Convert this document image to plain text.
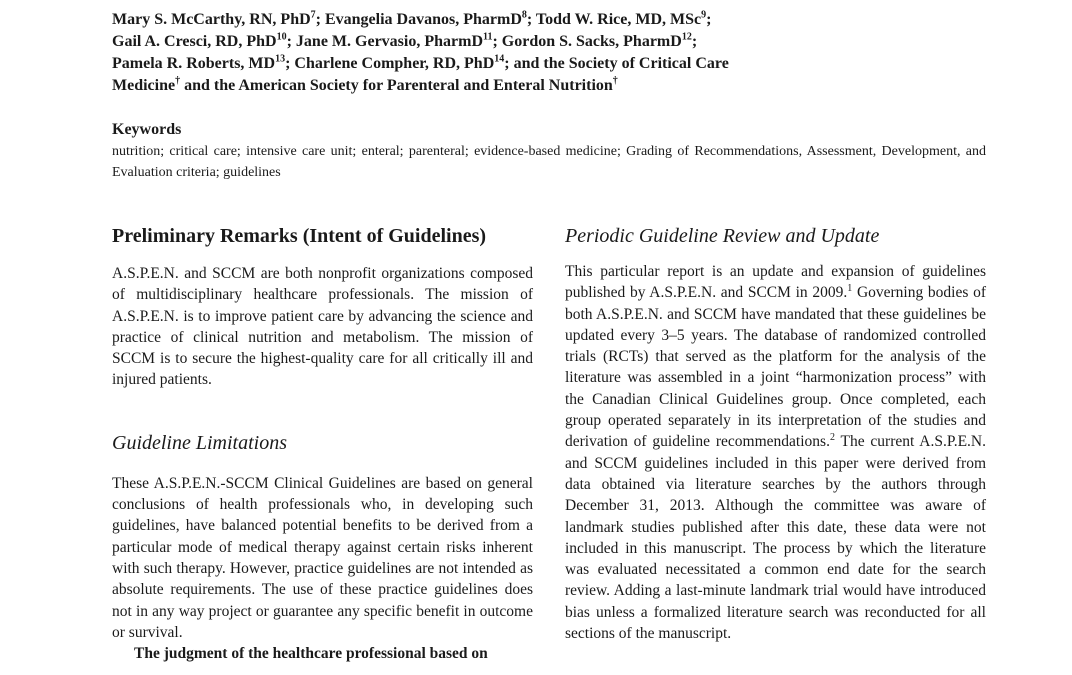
Mary S. McCarthy, RN, PhD$^7$; Evangelia Davanos, PharmD$^8$; Todd W. Rice, MD, MSc$^9$;
Gail A. Cresci, RD, PhD$^{10}$; Jane M. Gervasio, PharmD$^{11}$; Gordon S. Sacks, PharmD$^{12}$;
Pamela R. Roberts, MD$^{13}$; Charlene Compher, RD, PhD$^{14}$; and the Society of Critical Care
Medicine† and the American Society for Parenteral and Enteral Nutrition†

Keywords

nutrition; critical care; intensive care unit; enteral; parenteral; evidence-based medicine; Grading of Recommendations, Assessment, Development, and Evaluation criteria; guidelines

Preliminary Remarks (Intent of Guidelines)

A.S.P.E.N. and SCCM are both nonprofit organizations composed of multidisciplinary healthcare professionals. The mission of A.S.P.E.N. is to improve patient care by advancing the science and practice of clinical nutrition and metabolism. The mission of SCCM is to secure the highest-quality care for all critically ill and injured patients.

Guideline Limitations

These A.S.P.E.N.-SCCM Clinical Guidelines are based on general conclusions of health professionals who, in developing such guidelines, have balanced potential benefits to be derived from a particular mode of medical therapy against certain risks inherent with such therapy. However, practice guidelines are not intended as absolute requirements. The use of these practice guidelines does not in any way project or guarantee any specific benefit in outcome or survival.

The judgment of the healthcare professional based on

Periodic Guideline Review and Update

This particular report is an update and expansion of guidelines published by A.S.P.E.N. and SCCM in 2009.$^1$ Governing bodies of both A.S.P.E.N. and SCCM have mandated that these guidelines be updated every 3–5 years. The database of randomized controlled trials (RCTs) that served as the platform for the analysis of the literature was assembled in a joint “harmonization process” with the Canadian Clinical Guidelines group. Once completed, each group operated separately in its interpretation of the studies and derivation of guideline recommendations.$^2$ The current A.S.P.E.N. and SCCM guidelines included in this paper were derived from data obtained via literature searches by the authors through December 31, 2013. Although the committee was aware of landmark studies published after this date, these data were not included in this manuscript. The process by which the literature was evaluated necessitated a common end date for the search review. Adding a last-minute landmark trial would have introduced bias unless a formalized literature search was reconducted for all sections of the manuscript.
